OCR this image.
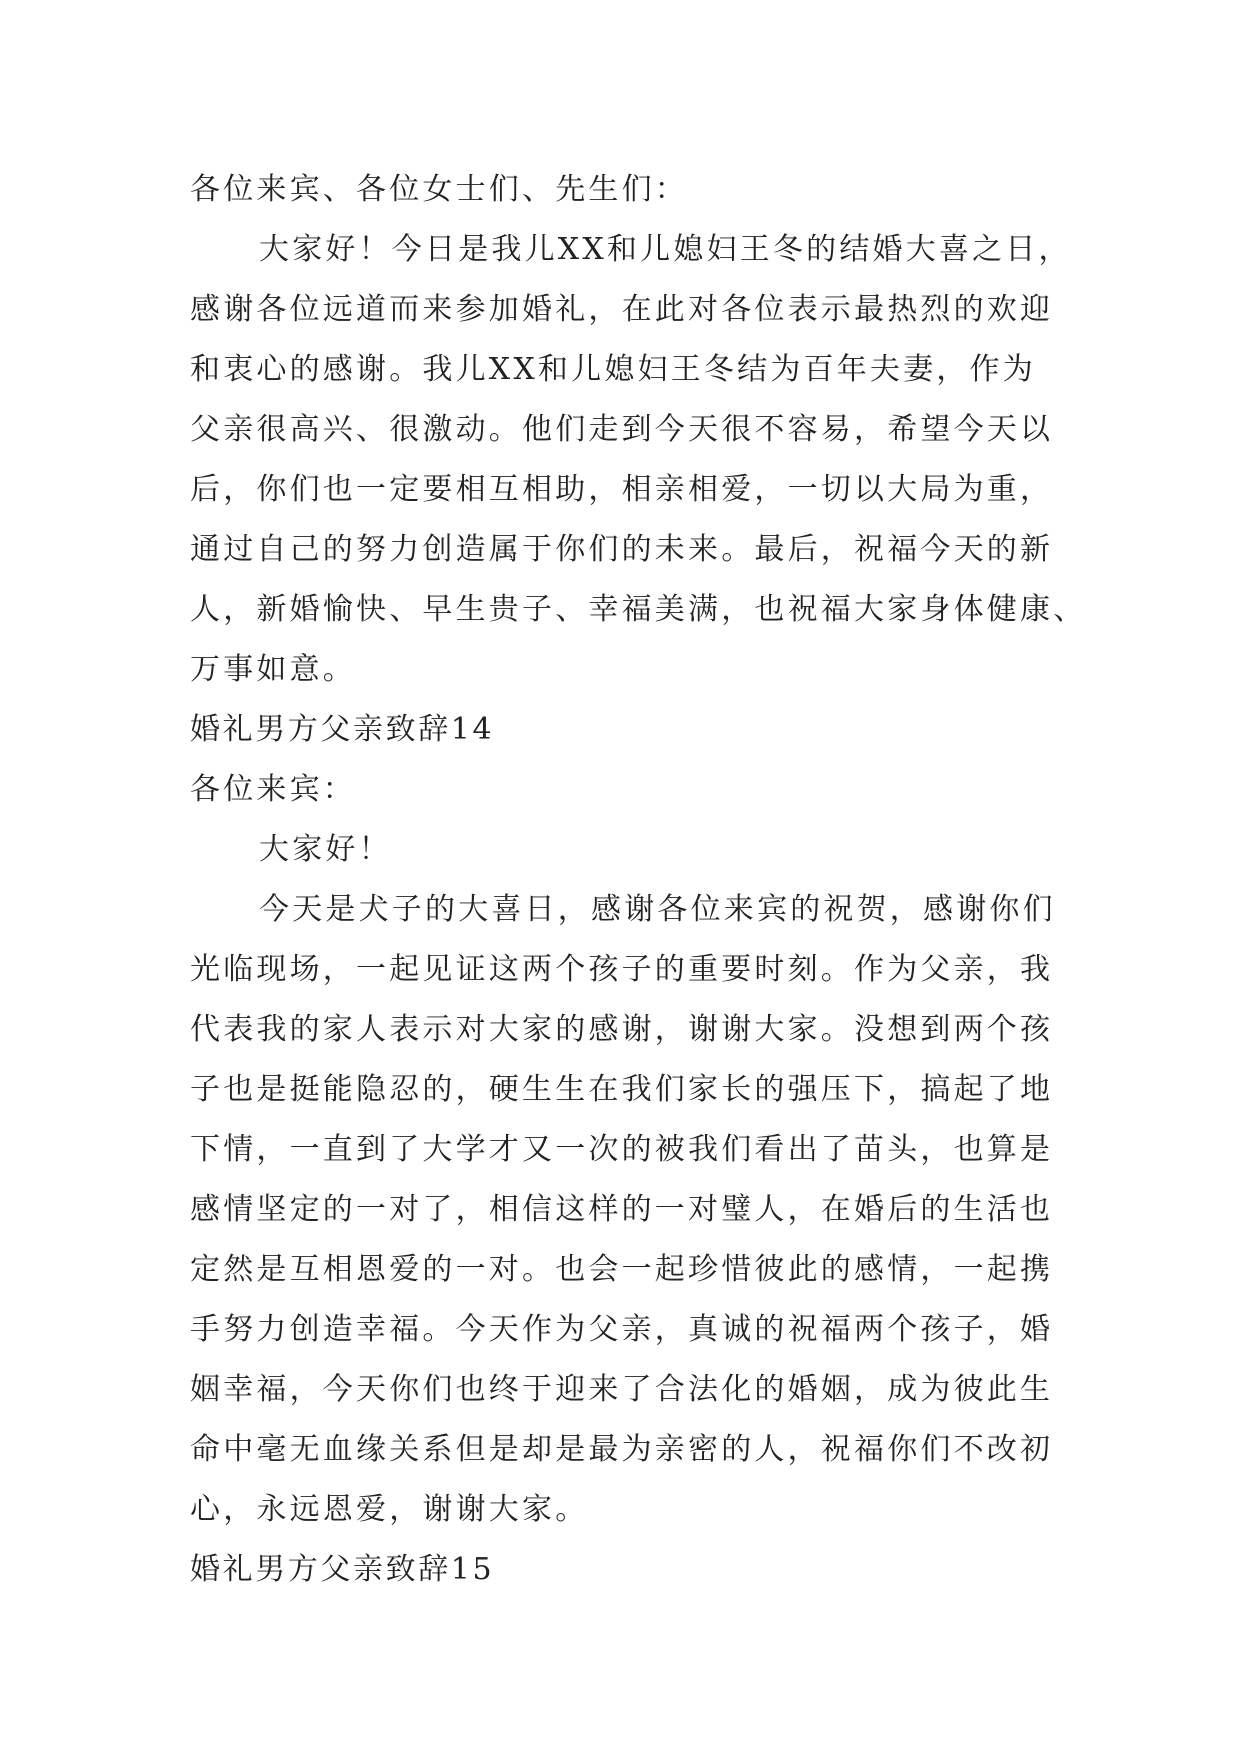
各位来宾、各位女士们、先生们：
大家好！今日是我儿XX和儿媳妇王冬的结婚大喜之日，
感谢各位远道而来参加婚礼，在此对各位表示最热烈的欢迎
和衷心的感谢。我儿XX和儿媳妇王冬结为百年夫妻，作为
父亲很高兴、很激动。他们走到今天很不容易，希望今天以
后，你们也一定要相互相助，相亲相爱，一切以大局为重，
通过自己的努力创造属于你们的未来。最后，祝福今天的新
人，新婚愉快、早生贵子、幸福美满，也祝福大家身体健康、
万事如意。
婚礼男方父亲致辞14
各位来宾：
大家好！
今天是犬子的大喜日，感谢各位来宾的祝贺，感谢你们
光临现场，一起见证这两个孩子的重要时刻。作为父亲，我
代表我的家人表示对大家的感谢，谢谢大家。没想到两个孩
子也是挺能隐忍的，硬生生在我们家长的强压下，搞起了地
下情，一直到了大学才又一次的被我们看出了苗头，也算是
感情坚定的一对了，相信这样的一对璧人，在婚后的生活也
定然是互相恩爱的一对。也会一起珍惜彼此的感情，一起携
手努力创造幸福。今天作为父亲，真诚的祝福两个孩子，婚
姻幸福，今天你们也终于迎来了合法化的婚姻，成为彼此生
命中毫无血缘关系但是却是最为亲密的人，祝福你们不改初
心，永远恩爱，谢谢大家。
婚礼男方父亲致辞15
